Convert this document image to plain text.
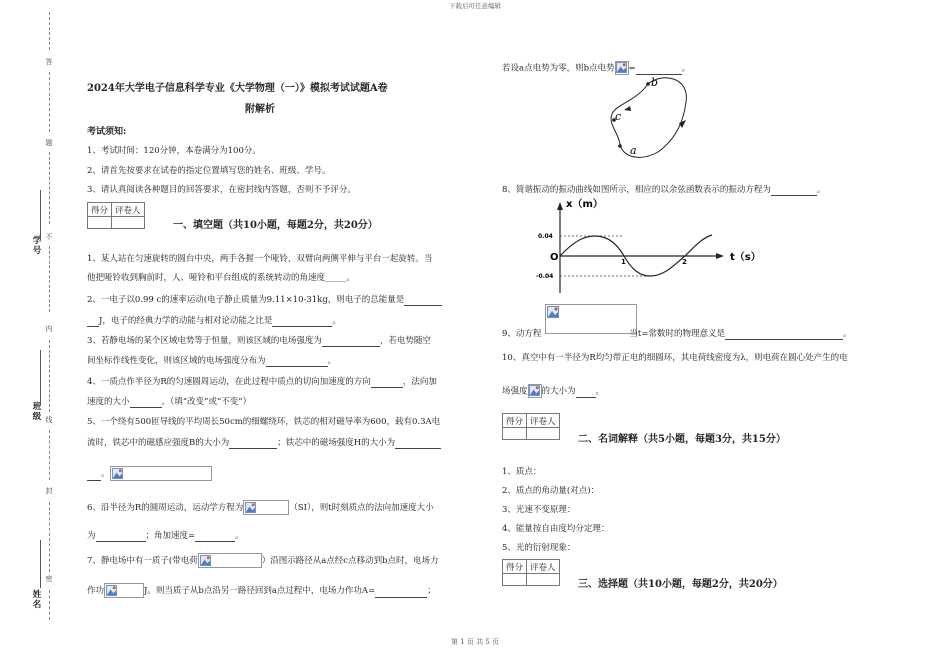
下载后可任意编辑
第 1 页 共 5 页
答
题
不
内
线
封
密
学号
班级
姓名
2024年大学电子信息科学专业《大学物理（一）》模拟考试试题A卷
附解析
考试须知:
1、考试时间：120分钟，本卷满分为100分。
2、请首先按要求在试卷的指定位置填写您的姓名、班级、学号。
3、请认真阅读各种题目的回答要求，在密封线内答题，否则不予评分。
得分	评卷人

一、填空题（共10小题，每题2分，共20分）
1、某人站在匀速旋转的圆台中央，两手各握一个哑铃，双臂向两侧平伸与平台一起旋转。当
他把哑铃收到胸前时，人、哑铃和平台组成的系统转动的角速度_____。
2、一电子以0.99 c的速率运动(电子静止质量为9.11×10-31kg，则电子的总能量是
J，电子的经典力学的动能与相对论动能之比是	。
3、若静电场的某个区域电势等于恒量，则该区域的电场强度为	，若电势随空
间坐标作线性变化，则该区域的电场强度分布为	。
4、一质点作半径为R的匀速圆周运动，在此过程中质点的切向加速度的方向	，法向加
速度的大小	。（填“改变”或“不变”）
5、一个绕有500匝导线的平均周长50cm的细螺绕环，铁芯的相对磁导率为600，载有0.3A电
流时，铁芯中的磁感应强度B的大小为	；铁芯中的磁场强度H的大小为
。
6、沿半径为R的圆周运动，运动学方程为	（SI），则t时刻质点的法向加速度大小
为	；角加速度=	。
7、静电场中有一质子(带电荷	）沿图示路径从a点经c点移动到b点时，电场力
作功	J。则当质子从b点沿另一路径回到a点过程中，电场力作功A=	；
若设a点电势为零，则b点电势 =	。
b
c
a
8、简谐振动的振动曲线如图所示，相应的以余弦函数表示的振动方程为	。
x（m）
t（s）
O
0.04
-0.04
1	2
9、动方程	当t=常数时的物理意义是	。
10、真空中有一半径为R均匀带正电的细圆环，其电荷线密度为λ，则电荷在圆心处产生的电
场强度 的大小为 。
得分	评卷人

二、名词解释（共5小题，每题3分，共15分）
1、质点：
2、质点的角动量(对点)：
3、光速不变原理：
4、能量按自由度均分定理：
5、光的衍射现象：
得分	评卷人

三、选择题（共10小题，每题2分，共20分）
